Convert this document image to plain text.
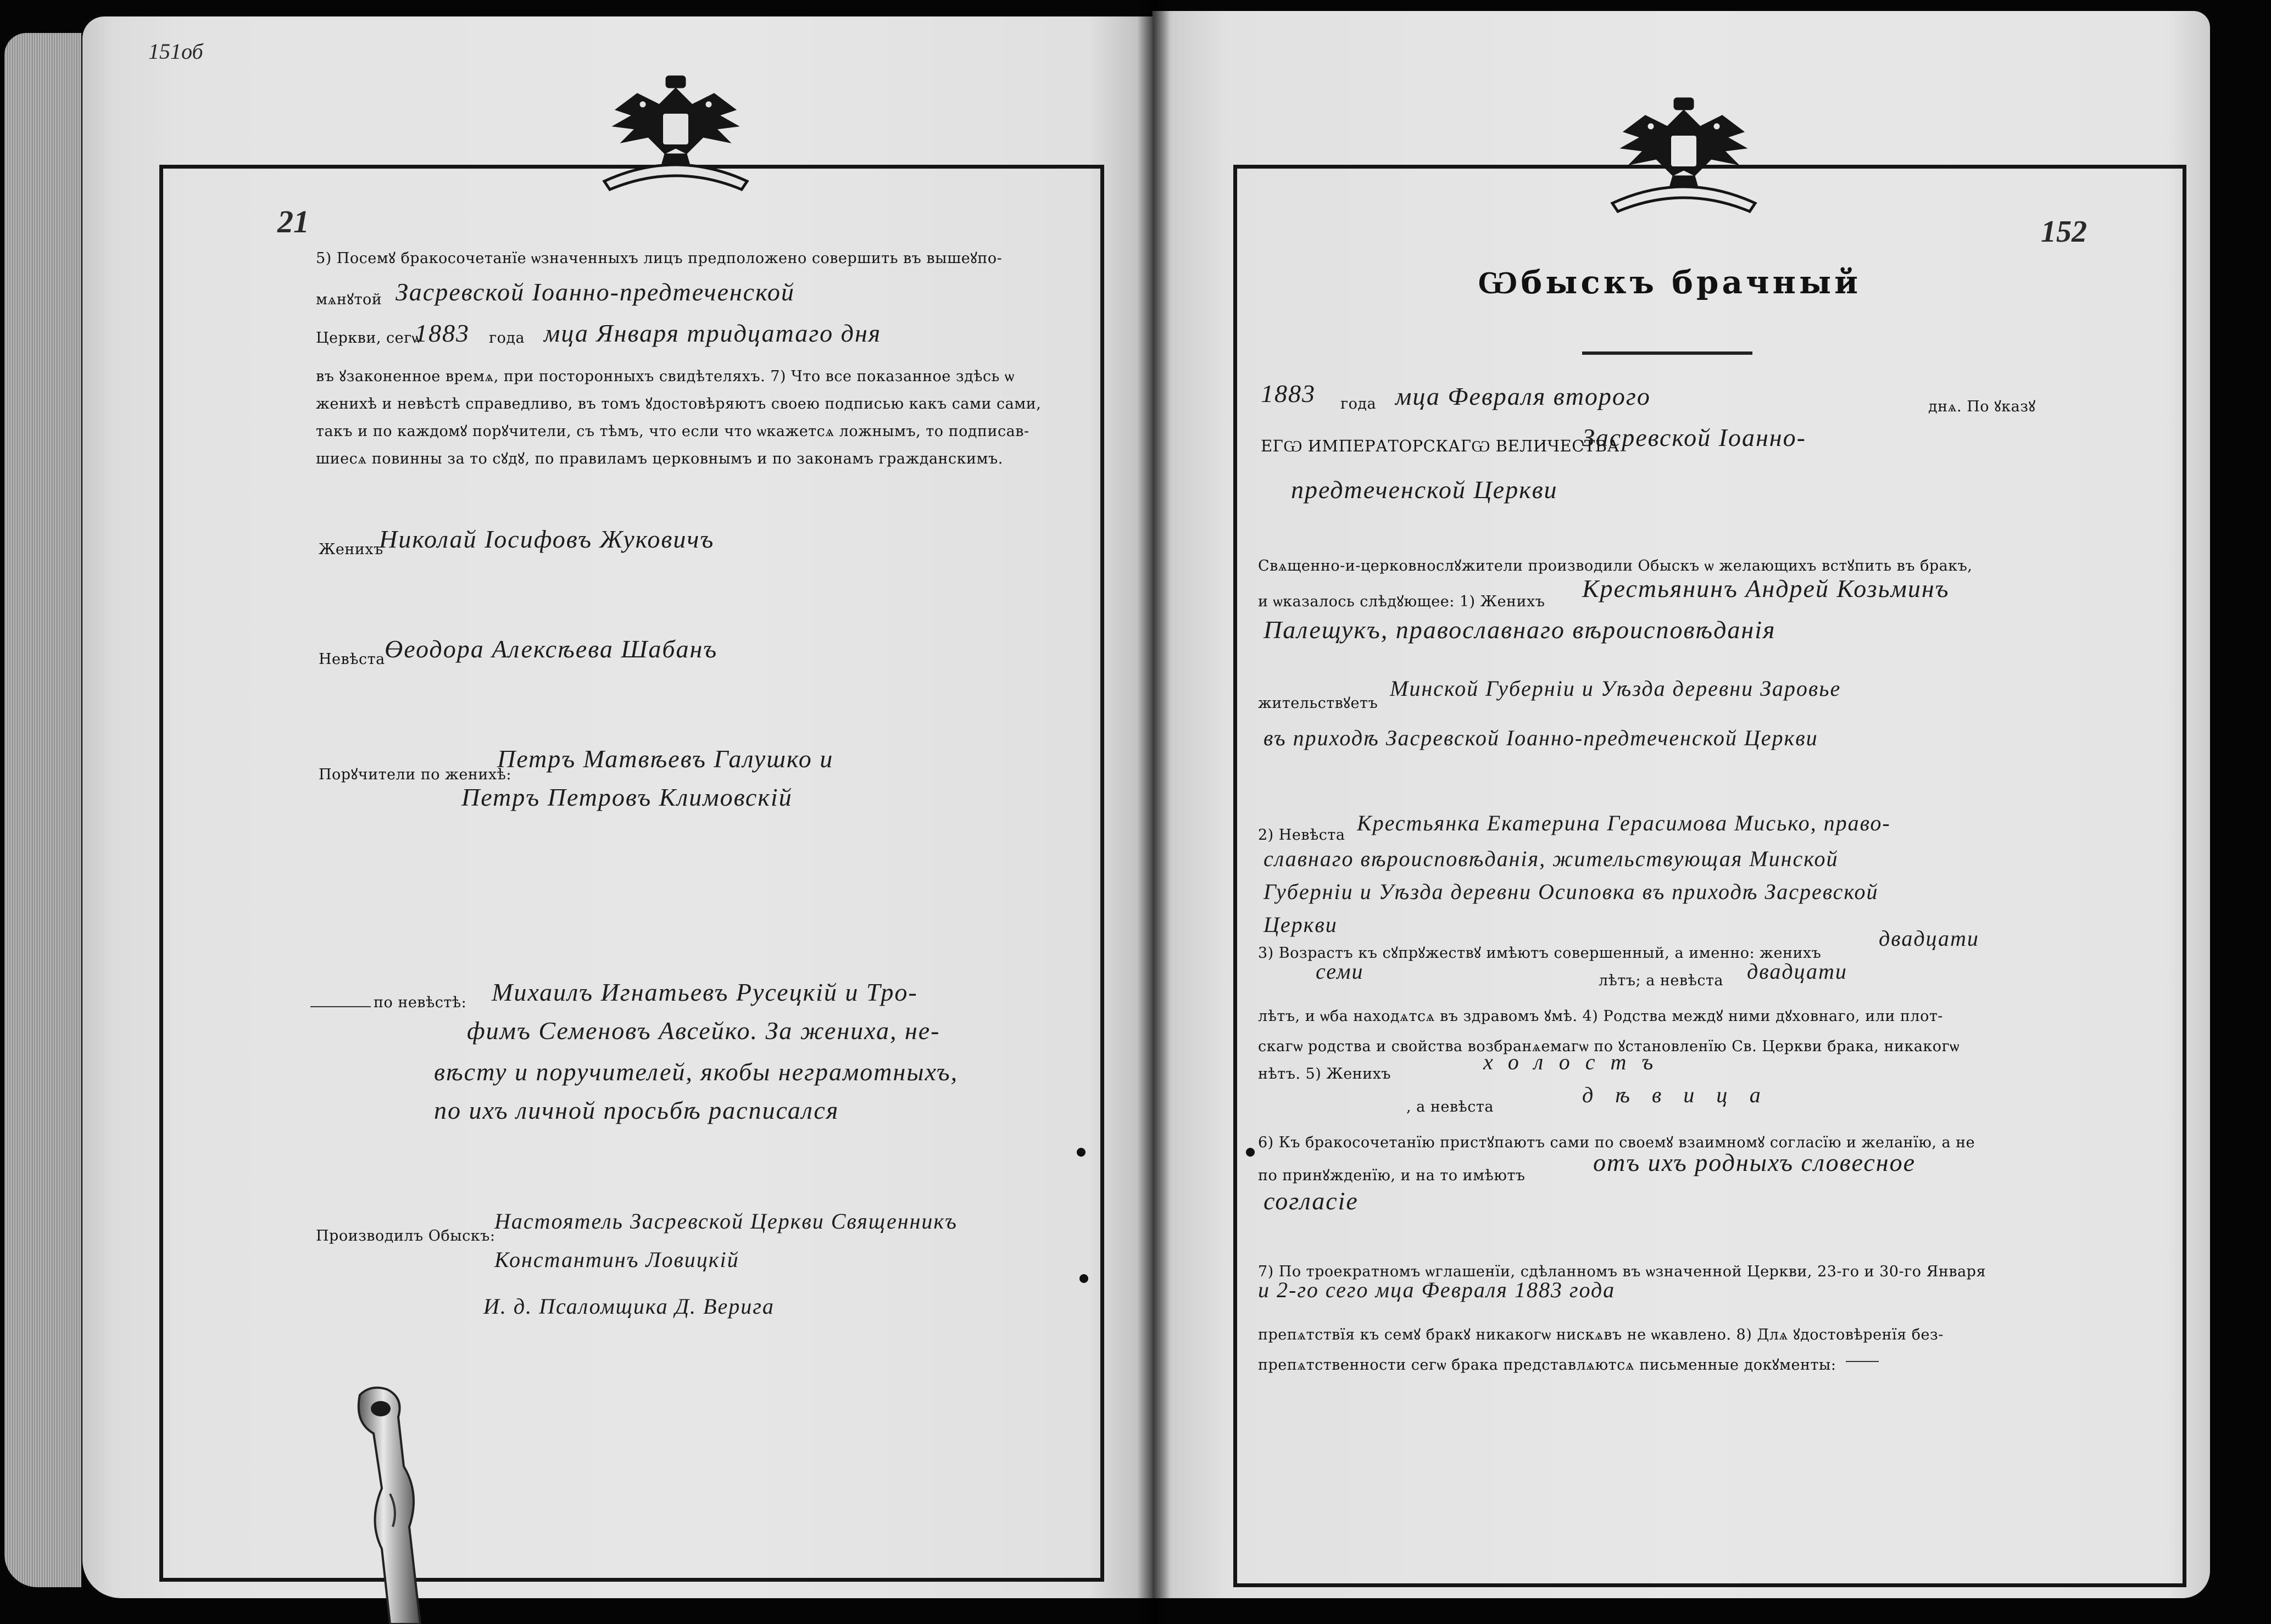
151об
21
5) Посемꙋ бракосочетанїе ѡзначенныхъ лицъ предположено совершить въ вышеꙋпо-
мѧнꙋтой Засревской Іоанно-предтеченской
Церкви, сегѡ
1883 года мца Января тридцатаго дня
въ ꙋзаконенное времѧ, при посторонныхъ свидѣтеляхъ. 7) Что все показанное здѣсь ѡ
женихѣ и невѣстѣ справедливо, въ томъ ꙋдостовѣряютъ своею подписью какъ сами сами,
такъ и по каждомꙋ порꙋчители, съ тѣмъ, что если что ѡкажетсѧ ложнымъ, то подписав-
шиесѧ повинны за то сꙋдꙋ, по правиламъ церковнымъ и по законамъ гражданскимъ.
Женихъ
Николай Іосифовъ Жуковичъ
Невѣста Өеодора Алексѣева Шабанъ
Порꙋчители по женихѣ:
Петръ Матвѣевъ Галушко и
Петръ Петровъ Климовскій
по невѣстѣ: Михаилъ Игнатьевъ Русецкій и Тро-
фимъ Семеновъ Авсейко. За жениха, не-
вѣсту и поручителей, якобы неграмотныхъ,
по ихъ личной просьбѣ расписался
Производилъ Обыскъ:
Настоятель Засревской Церкви Священникъ
Константинъ Ловицкій
И. д. Псаломщика Д. Верига
152
Ѡбыскъ брачный
1883 года мца Февраля второго	днѧ. По ꙋказꙋ
ЕГѠ ИМПЕРАТОРСКАГѠ ВЕЛИЧЕСТВА
Засревской Іоанно-
предтеченской Церкви
Свѧщенно-и-церковнослꙋжители производили Обыскъ ѡ желающихъ встꙋпить въ бракъ,
и ѡказалось слѣдꙋющее: 1) Женихъ Крестьянинъ Андрей Козьминъ
Палещукъ, православнаго вѣроисповѣданія
жительствꙋетъ
Минской Губерніи и Уѣзда деревни Заровье
въ приходѣ Засревской Іоанно-предтеченской Церкви
2) Невѣста Крестьянка Екатерина Герасимова Мисько, право-
славнаго вѣроисповѣданія, жительствующая Минской
Губерніи и Уѣзда деревни Осиповка въ приходѣ Засревской
Церкви
3) Возрастъ къ сꙋпрꙋжествꙋ имѣютъ совершенный, а именно: женихъ
двадцати
семи	лѣтъ; а невѣста двадцати
лѣтъ, и ѡба находѧтсѧ въ здравомъ ꙋмѣ. 4) Родства междꙋ ними дꙋховнаго, или плот-
скагѡ родства и свойства возбранѧемагѡ по ꙋстановленїю Св. Церкви брака, никакогѡ
нѣтъ. 5) Женихъ	холостъ
, а невѣста	дѣвица
6) Къ бракосочетанїю пристꙋпаютъ сами по своемꙋ взаимномꙋ согласїю и желанїю, а не
по принꙋжденїю, и на то имѣютъ	отъ ихъ родныхъ словесное
согласіе
7) По троекратномъ ѡглашенїи, сдѣланномъ въ ѡзначенной Церкви, 23-го и 30-го Января
и 2-го сего мца Февраля 1883 года
препѧтствїя къ семꙋ бракꙋ никакогѡ нискѧвъ не ѡкавлено. 8) Длѧ ꙋдостовѣренїя без-
препѧтственности сегѡ брака представлѧютсѧ письменные докꙋменты:
